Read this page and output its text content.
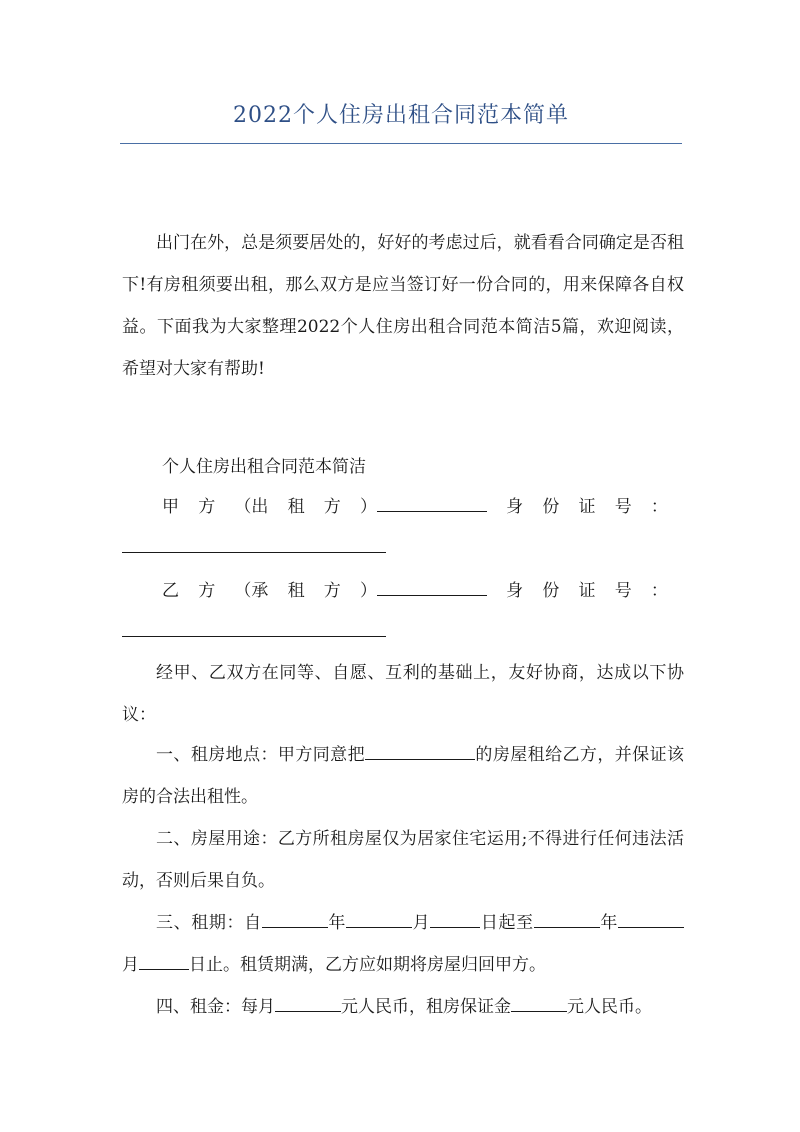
2022个人住房出租合同范本简单

出门在外，总是须要居处的，好好的考虑过后，就看看合同确定是否租下!有房租须要出租，那么双方是应当签订好一份合同的，用来保障各自权益。下面我为大家整理2022个人住房出租合同范本简洁5篇，欢迎阅读，希望对大家有帮助!

个人住房出租合同范本简洁
甲 方 （出 租 方 ）	身 份 证 号 ：
乙 方 （承 租 方 ）	身 份 证 号 ：

经甲、乙双方在同等、自愿、互利的基础上，友好协商，达成以下协议：

一、租房地点：甲方同意把	的房屋租给乙方，并保证该房的合法出租性。

二、房屋用途：乙方所租房屋仅为居家住宅运用;不得进行任何违法活动，否则后果自负。

三、租期：自	年	月	日起至	年月	日止。租赁期满，乙方应如期将房屋归回甲方。

四、租金：每月	元人民币，租房保证金	元人民币。
